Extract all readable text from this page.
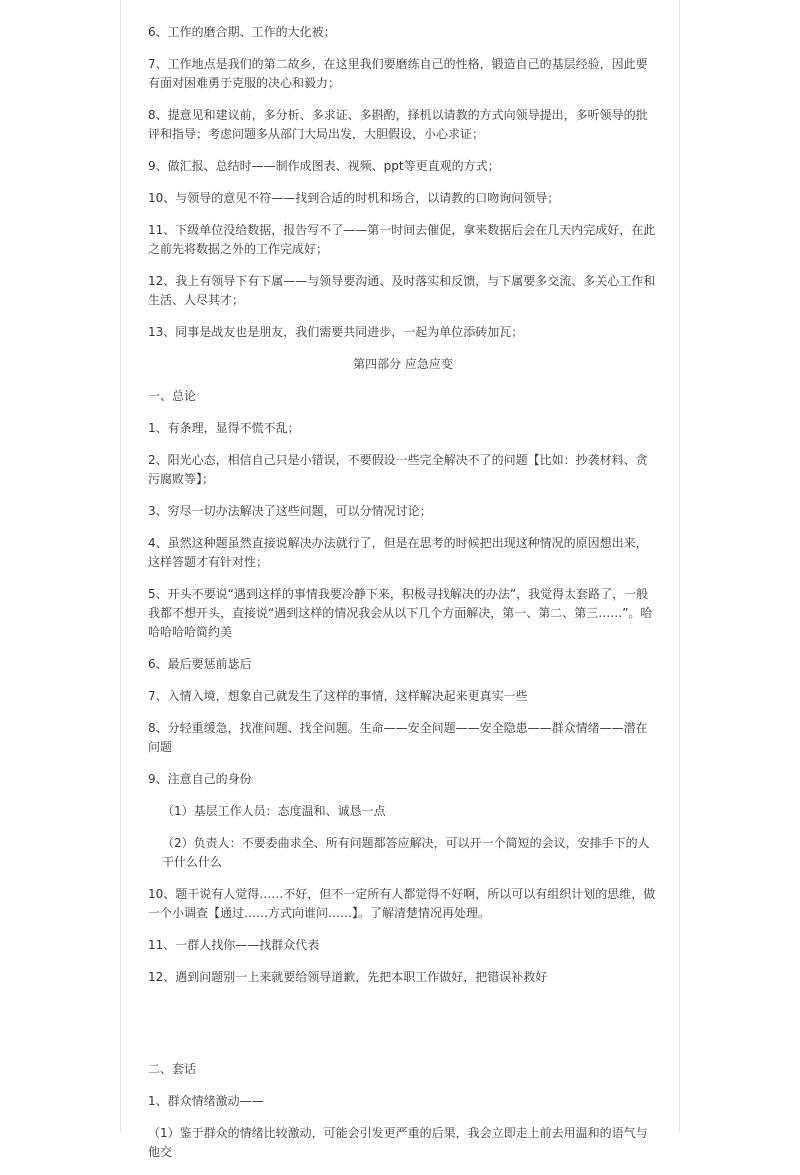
6、工作的磨合期、工作的大化被；

7、工作地点是我们的第二故乡，在这里我们要磨练自己的性格，锻造自己的基层经验，因此要有面对困难勇于克服的决心和毅力；

8、提意见和建议前，多分析、多求证、多斟酌，择机以请教的方式向领导提出，多听领导的批评和指导；考虑问题多从部门大局出发，大胆假设，小心求证；

9、做汇报、总结时——制作成图表、视频、ppt等更直观的方式；

10、与领导的意见不符——找到合适的时机和场合，以请教的口吻询问领导；

11、下级单位没给数据，报告写不了——第一时间去催促，拿来数据后会在几天内完成好，在此之前先将数据之外的工作完成好；

12、我上有领导下有下属——与领导要沟通、及时落实和反馈，与下属要多交流、多关心工作和生活、人尽其才；

13、同事是战友也是朋友，我们需要共同进步，一起为单位添砖加瓦；

第四部分 应急应变

一、总论

1、有条理，显得不慌不乱；

2、阳光心态，相信自己只是小错误，不要假设一些完全解决不了的问题【比如：抄袭材料、贪污腐败等】；

3、穷尽一切办法解决了这些问题，可以分情况讨论；

4、虽然这种题虽然直接说解决办法就行了，但是在思考的时候把出现这种情况的原因想出来，这样答题才有针对性；

5、开头不要说“遇到这样的事情我要冷静下来，积极寻找解决的办法”，我觉得太套路了，一般我都不想开头，直接说“遇到这样的情况我会从以下几个方面解决，第一、第二、第三……”。哈哈哈哈哈简约美

6、最后要惩前毖后

7、入情入境，想象自己就发生了这样的事情，这样解决起来更真实一些

8、分轻重缓急，找准问题、找全问题。生命——安全问题——安全隐患——群众情绪——潜在问题

9、注意自己的身份

（1）基层工作人员：态度温和、诚恳一点

（2）负责人：不要委曲求全、所有问题都答应解决，可以开一个简短的会议，安排手下的人干什么什么

10、题干说有人觉得……不好，但不一定所有人都觉得不好啊，所以可以有组织计划的思维，做一个小调查【通过……方式向谁问……】。了解清楚情况再处理。

11、一群人找你——找群众代表

12、遇到问题别一上来就要给领导道歉，先把本职工作做好，把错误补救好

二、套话

1、群众情绪激动——

（1）鉴于群众的情绪比较激动，可能会引发更严重的后果，我会立即走上前去用温和的语气与他交
